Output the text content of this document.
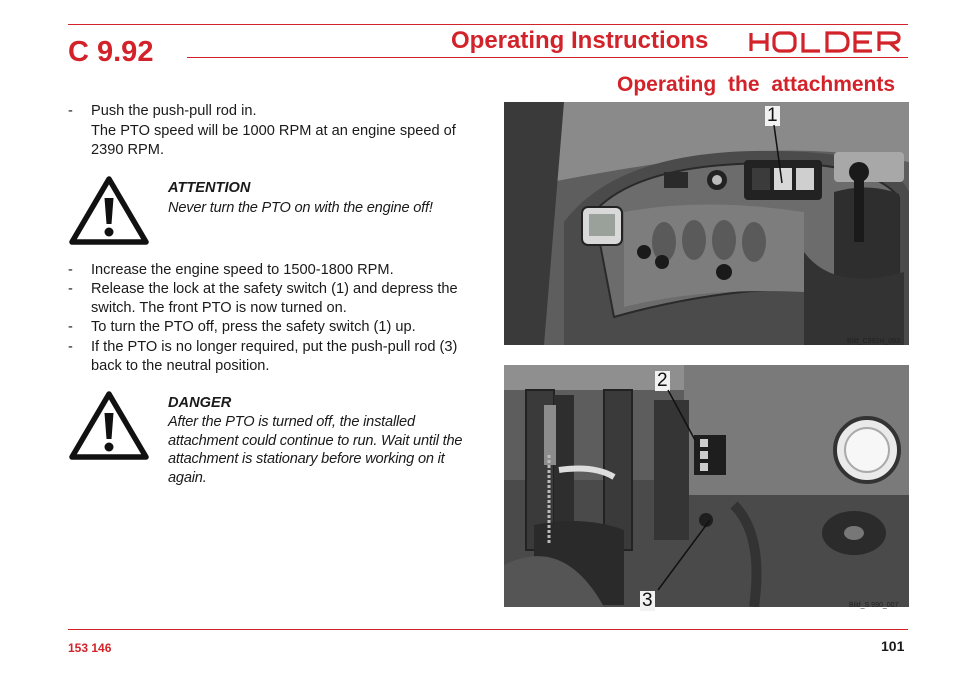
C 9.92	Operating Instructions
Operating the attachments
- Push the push-pull rod in.
The PTO speed will be 1000 RPM at an engine speed of 2390 RPM.
ATTENTION
Never turn the PTO on with the engine off!
- Increase the engine speed to 1500-1800 RPM.
- Release the lock at the safety switch (1) and depress the switch. The front PTO is now turned on.
- To turn the PTO off, press the safety switch (1) up.
- If the PTO is no longer required, put the push-pull rod (3) back to the neutral position.
DANGER
After the PTO is turned off, the installed attachment could continue to run. Wait until the attachment is stationary before working on it again.
1
Bild_C992H_093
2
3	Bild_S 990_007
153 146	101
